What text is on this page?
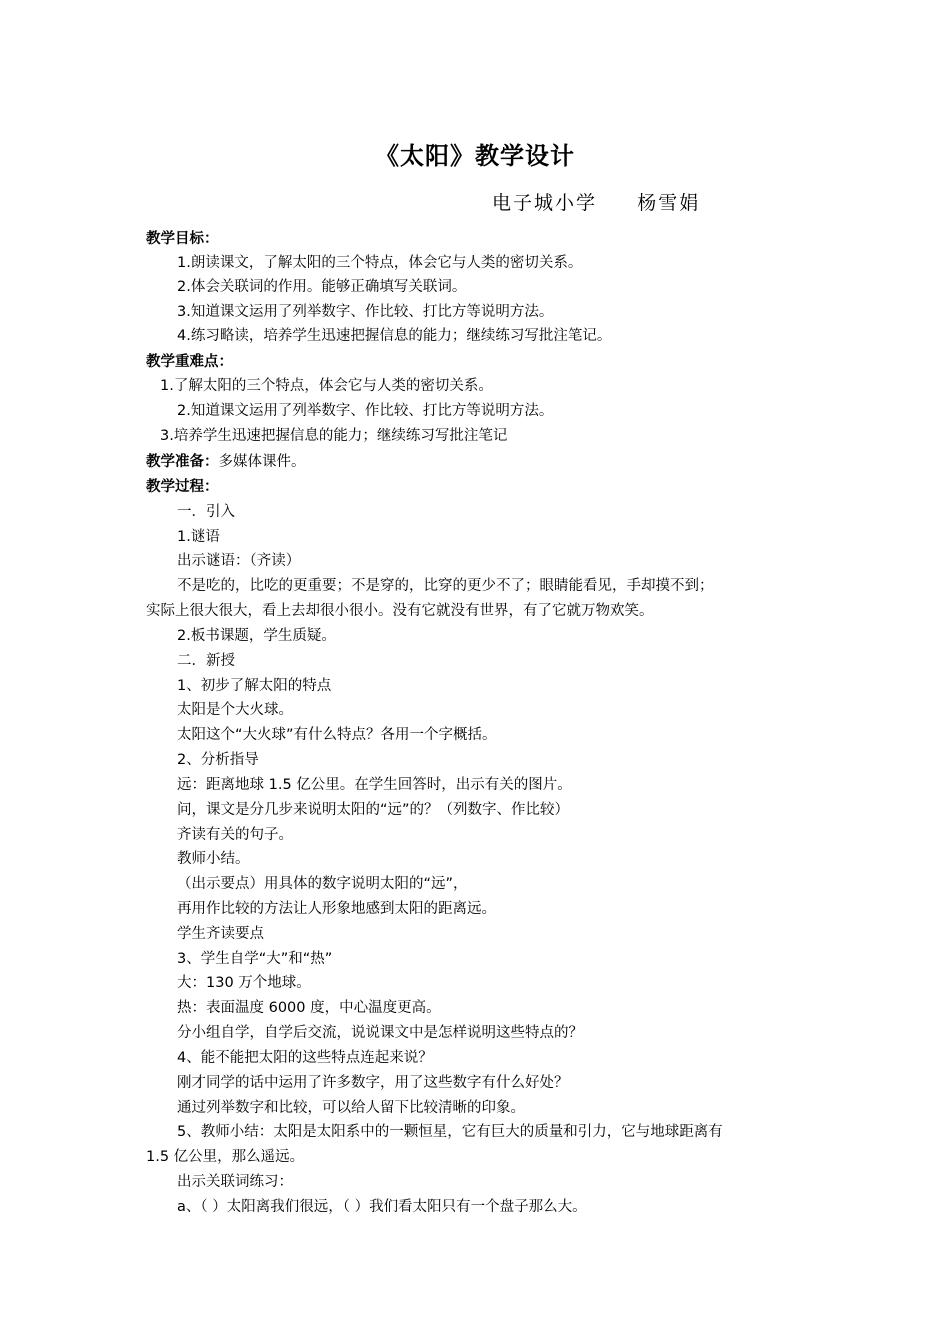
《太阳》教学设计
电子城小学     杨雪娟
教学目标：
1.朗读课文，了解太阳的三个特点，体会它与人类的密切关系。
2.体会关联词的作用。能够正确填写关联词。
3.知道课文运用了列举数字、作比较、打比方等说明方法。
4.练习略读，培养学生迅速把握信息的能力；继续练习写批注笔记。
教学重难点：
1.了解太阳的三个特点，体会它与人类的密切关系。
2.知道课文运用了列举数字、作比较、打比方等说明方法。
3.培养学生迅速把握信息的能力；继续练习写批注笔记
教学准备：多媒体课件。
教学过程：
一．引入
1.谜语
出示谜语：（齐读）
不是吃的，比吃的更重要；不是穿的，比穿的更少不了；眼睛能看见，手却摸不到；
实际上很大很大，看上去却很小很小。没有它就没有世界，有了它就万物欢笑。
2.板书课题，学生质疑。
二．新授
1、初步了解太阳的特点
太阳是个大火球。
太阳这个“大火球”有什么特点？各用一个字概括。
2、分析指导
远：距离地球 1.5 亿公里。在学生回答时，出示有关的图片。
问，课文是分几步来说明太阳的“远”的？（列数字、作比较）
齐读有关的句子。
教师小结。
（出示要点）用具体的数字说明太阳的“远”，
再用作比较的方法让人形象地感到太阳的距离远。
学生齐读要点
3、学生自学“大”和“热”
大：130 万个地球。
热：表面温度 6000 度，中心温度更高。
分小组自学，自学后交流，说说课文中是怎样说明这些特点的？
4、能不能把太阳的这些特点连起来说？
刚才同学的话中运用了许多数字，用了这些数字有什么好处？
通过列举数字和比较，可以给人留下比较清晰的印象。
5、教师小结：太阳是太阳系中的一颗恒星，它有巨大的质量和引力，它与地球距离有
1.5 亿公里，那么遥远。
出示关联词练习：
a、（ ）太阳离我们很远，（ ）我们看太阳只有一个盘子那么大。
